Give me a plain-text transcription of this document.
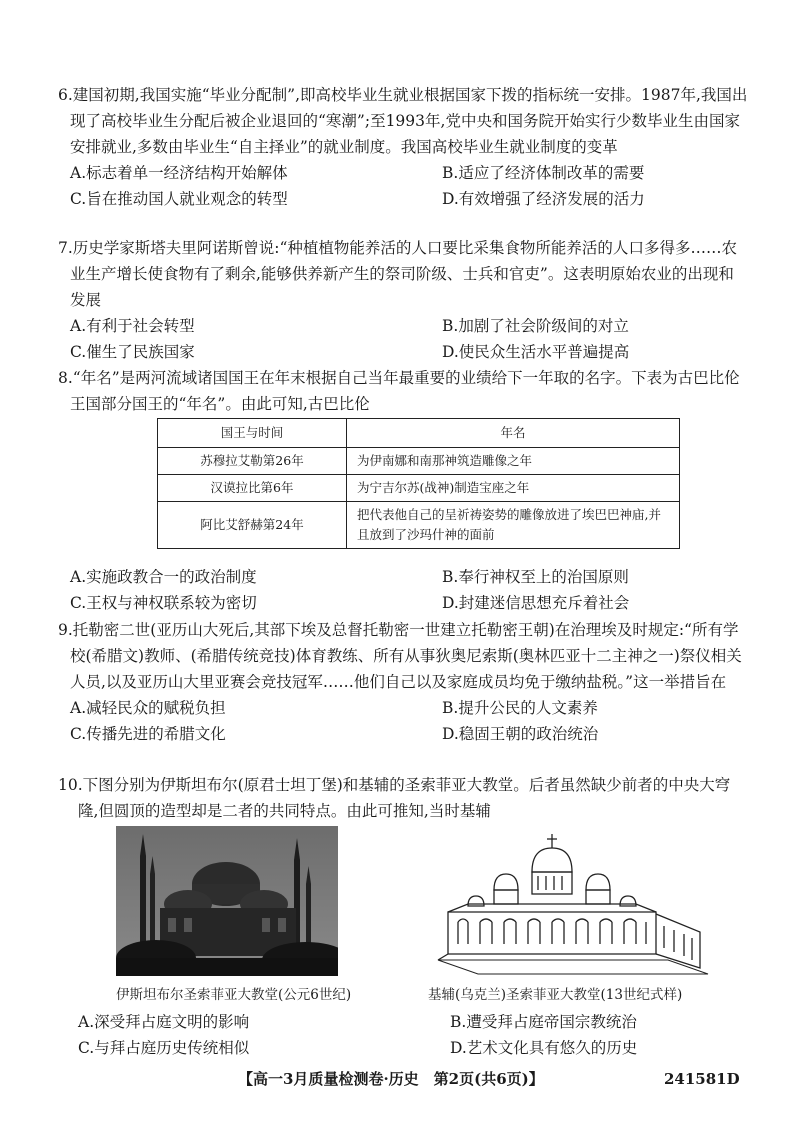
6.建国初期,我国实施“毕业分配制”,即高校毕业生就业根据国家下拨的指标统一安排。1987年,我国出现了高校毕业生分配后被企业退回的“寒潮”;至1993年,党中央和国务院开始实行少数毕业生由国家安排就业,多数由毕业生“自主择业”的就业制度。我国高校毕业生就业制度的变革

A.标志着单一经济结构开始解体	B.适应了经济体制改革的需要
C.旨在推动国人就业观念的转型	D.有效增强了经济发展的活力

7.历史学家斯塔夫里阿诺斯曾说:“种植植物能养活的人口要比采集食物所能养活的人口多得多……农业生产增长使食物有了剩余,能够供养新产生的祭司阶级、士兵和官吏”。这表明原始农业的出现和发展

A.有利于社会转型	B.加剧了社会阶级间的对立
C.催生了民族国家	D.使民众生活水平普遍提高

8.“年名”是两河流域诸国国王在年末根据自己当年最重要的业绩给下一年取的名字。下表为古巴比伦王国部分国王的“年名”。由此可知,古巴比伦

国王与时间	年名
苏穆拉艾勒第26年	为伊南娜和南那神筑造雕像之年
汉谟拉比第6年	为宁吉尔苏(战神)制造宝座之年
阿比艾舒赫第24年	把代表他自己的呈祈祷姿势的雕像放进了埃巴巴神庙,并且放到了沙玛什神的面前
A.实施政教合一的政治制度	B.奉行神权至上的治国原则
C.王权与神权联系较为密切	D.封建迷信思想充斥着社会

9.托勒密二世(亚历山大死后,其部下埃及总督托勒密一世建立托勒密王朝)在治理埃及时规定:“所有学校(希腊文)教师、(希腊传统竞技)体育教练、所有从事狄奥尼索斯(奥林匹亚十二主神之一)祭仪相关人员,以及亚历山大里亚赛会竞技冠军……他们自己以及家庭成员均免于缴纳盐税。”这一举措旨在

A.减轻民众的赋税负担	B.提升公民的人文素养
C.传播先进的希腊文化	D.稳固王朝的政治统治

10.下图分别为伊斯坦布尔(原君士坦丁堡)和基辅的圣索菲亚大教堂。后者虽然缺少前者的中央大穹隆,但圆顶的造型却是二者的共同特点。由此可推知,当时基辅

伊斯坦布尔圣索菲亚大教堂(公元6世纪)	基辅(乌克兰)圣索菲亚大教堂(13世纪式样)
A.深受拜占庭文明的影响	B.遭受拜占庭帝国宗教统治
C.与拜占庭历史传统相似	D.艺术文化具有悠久的历史
【高一3月质量检测卷·历史　第2页(共6页)】	241581D
